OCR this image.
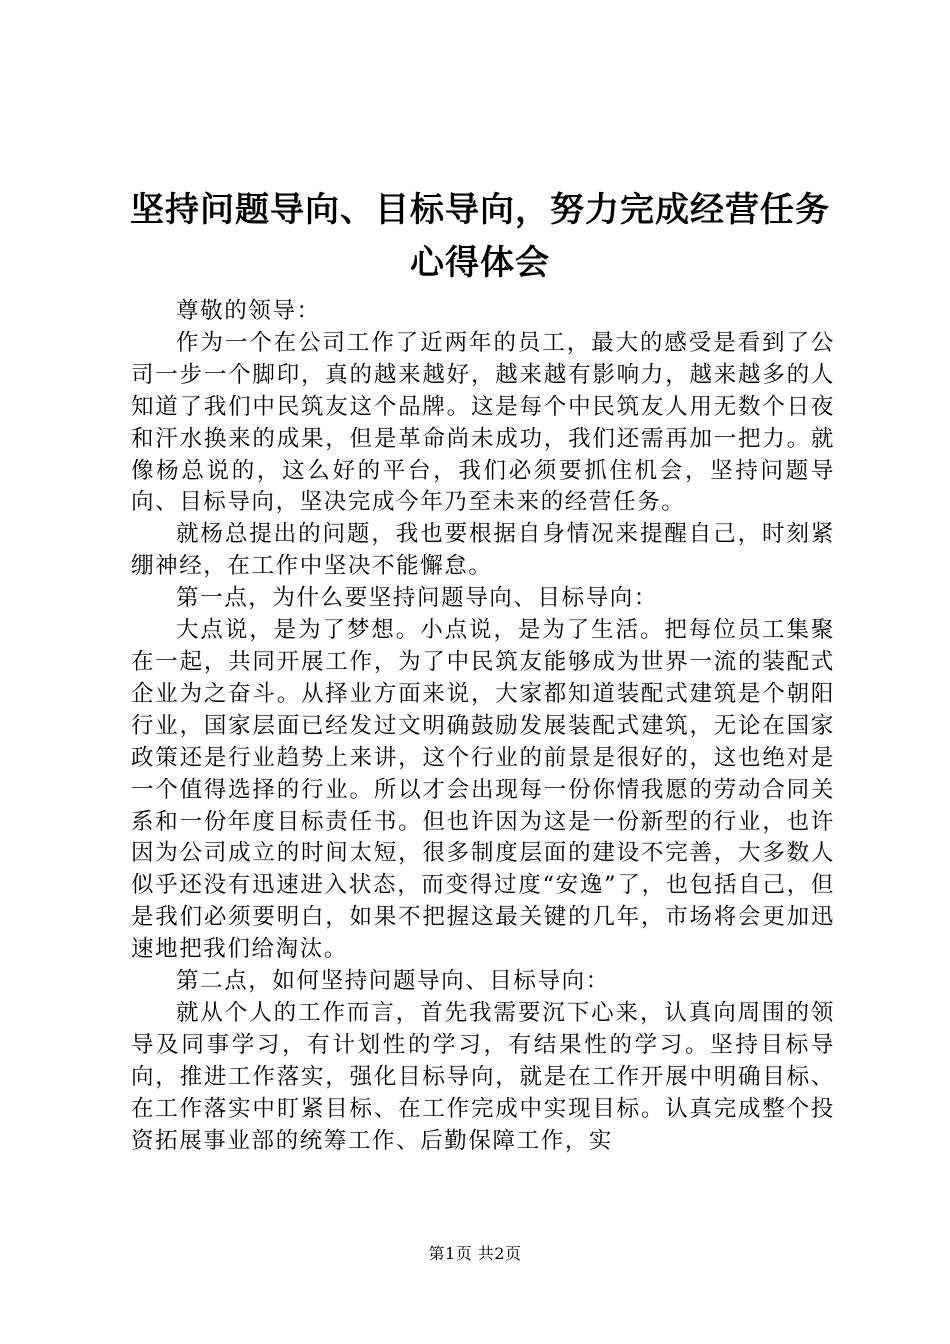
坚持问题导向、目标导向，努力完成经营任务
心得体会

尊敬的领导：

作为一个在公司工作了近两年的员工，最大的感受是看到了公司一步一个脚印，真的越来越好，越来越有影响力，越来越多的人知道了我们中民筑友这个品牌。这是每个中民筑友人用无数个日夜和汗水换来的成果，但是革命尚未成功，我们还需再加一把力。就像杨总说的，这么好的平台，我们必须要抓住机会，坚持问题导向、目标导向，坚决完成今年乃至未来的经营任务。

就杨总提出的问题，我也要根据自身情况来提醒自己，时刻紧绷神经，在工作中坚决不能懈怠。

第一点，为什么要坚持问题导向、目标导向：

大点说，是为了梦想。小点说，是为了生活。把每位员工集聚在一起，共同开展工作，为了中民筑友能够成为世界一流的装配式企业为之奋斗。从择业方面来说，大家都知道装配式建筑是个朝阳行业，国家层面已经发过文明确鼓励发展装配式建筑，无论在国家政策还是行业趋势上来讲，这个行业的前景是很好的，这也绝对是一个值得选择的行业。所以才会出现每一份你情我愿的劳动合同关系和一份年度目标责任书。但也许因为这是一份新型的行业，也许因为公司成立的时间太短，很多制度层面的建设不完善，大多数人似乎还没有迅速进入状态，而变得过度“安逸”了，也包括自己，但是我们必须要明白，如果不把握这最关键的几年，市场将会更加迅速地把我们给淘汰。

第二点，如何坚持问题导向、目标导向：

就从个人的工作而言，首先我需要沉下心来，认真向周围的领导及同事学习，有计划性的学习，有结果性的学习。坚持目标导向，推进工作落实，强化目标导向，就是在工作开展中明确目标、在工作落实中盯紧目标、在工作完成中实现目标。认真完成整个投资拓展事业部的统筹工作、后勤保障工作，实

第1页 共2页
